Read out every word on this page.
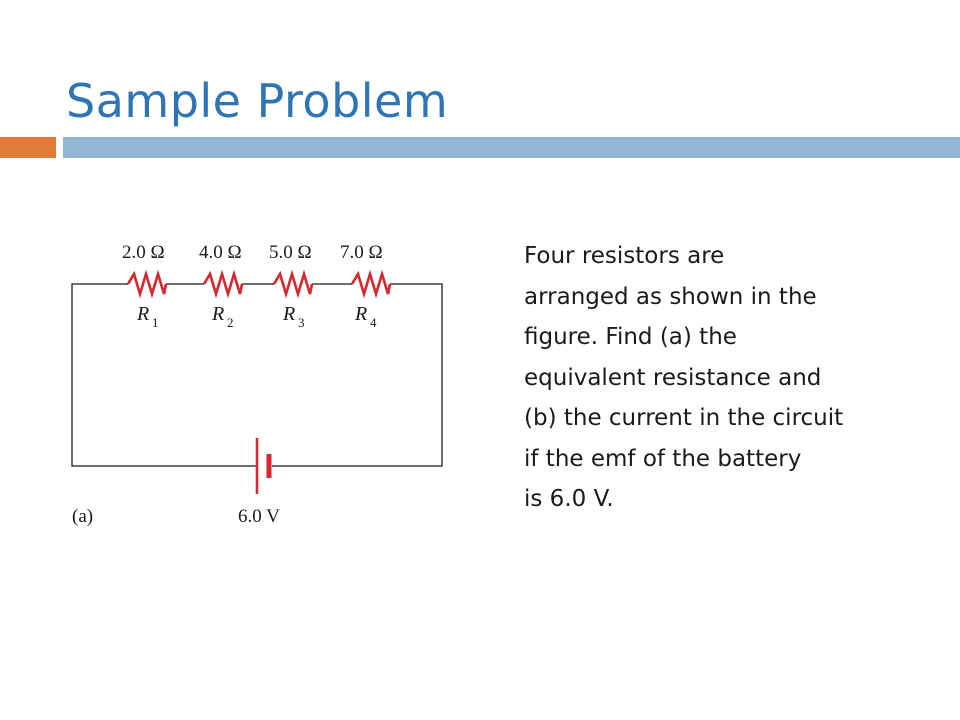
Sample Problem
2.0 Ω 4.0 Ω 5.0 Ω 7.0 Ω
R 1	R 2 R 3	R 4
6.0 V
(a)
Four resistors are
arranged as shown in the
figure. Find (a) the
equivalent resistance and
(b) the current in the circuit
if the emf of the battery
is 6.0 V.
